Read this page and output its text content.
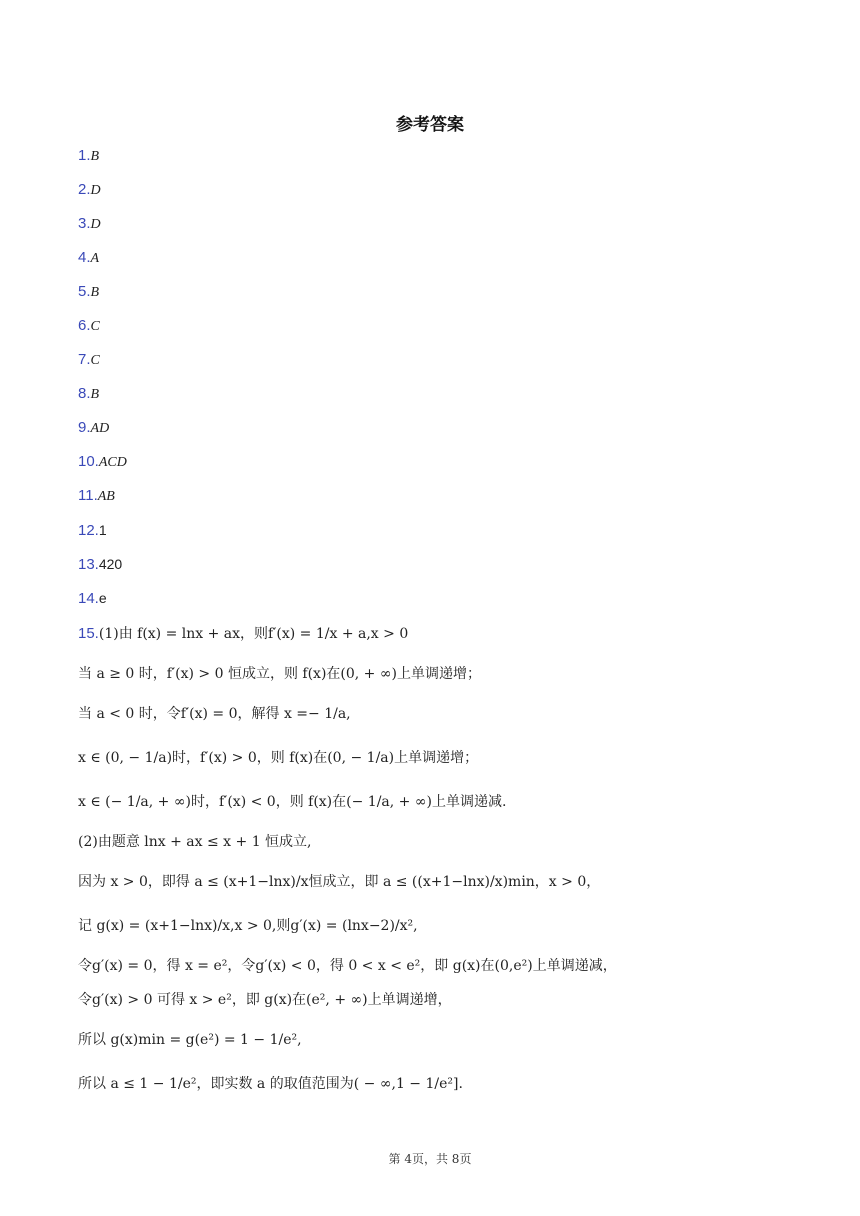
参考答案
1.B
2.D
3.D
4.A
5.B
6.C
7.C
8.B
9.AD
10.ACD
11.AB
12.1
13.420
14.e
15.(1)由 f(x) = lnx + ax，则f′(x) = 1/x + a,x > 0
当 a ≥ 0 时，f′(x) > 0 恒成立，则 f(x)在(0, + ∞)上单调递增；
当 a < 0 时，令f′(x) = 0，解得 x =− 1/a,
x ∈ (0, − 1/a)时，f′(x) > 0，则 f(x)在(0, − 1/a)上单调递增；
x ∈ (− 1/a, + ∞)时，f′(x) < 0，则 f(x)在(− 1/a, + ∞)上单调递减.
(2)由题意 lnx + ax ≤ x + 1 恒成立,
因为 x > 0，即得 a ≤ (x+1−lnx)/x恒成立，即 a ≤ ((x+1−lnx)/x)min，x > 0，
记 g(x) = (x+1−lnx)/x,x > 0,则g′(x) = (lnx−2)/x²,
令g′(x) = 0，得 x = e²，令g′(x) < 0，得 0 < x < e²，即 g(x)在(0,e²)上单调递减，
令g′(x) > 0 可得 x > e²，即 g(x)在(e², + ∞)上单调递增，
所以 g(x)min = g(e²) = 1 − 1/e²,
所以 a ≤ 1 − 1/e²，即实数 a 的取值范围为( − ∞,1 − 1/e²].
第 4页，共 8页
